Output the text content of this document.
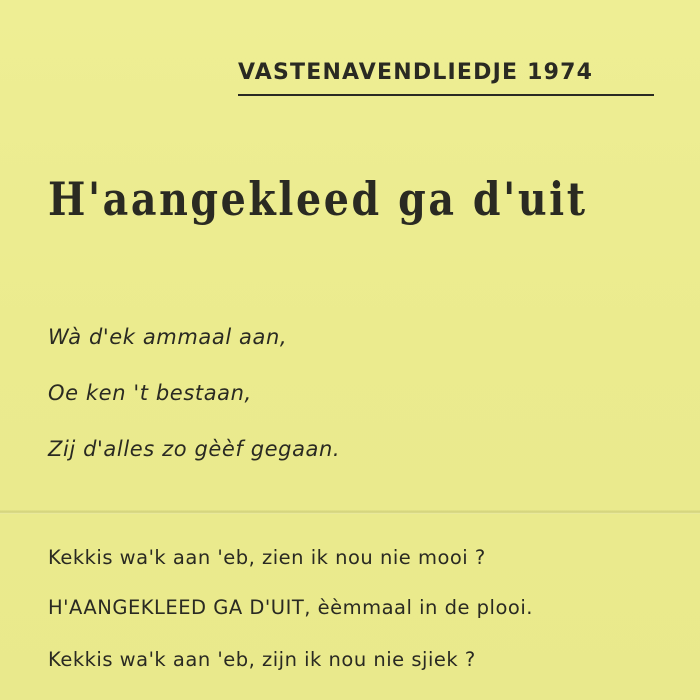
VASTENAVENDLIEDJE 1974
H'aangekleed ga d'uit
Wà d'ek ammaal aan,
Oe ken 't bestaan,
Zij d'alles zo gèèf gegaan.
Kekkis wa'k aan 'eb, zien ik nou nie mooi ?
H'AANGEKLEED GA D'UIT, èèmmaal in de plooi.
Kekkis wa'k aan 'eb, zijn ik nou nie sjiek ?
